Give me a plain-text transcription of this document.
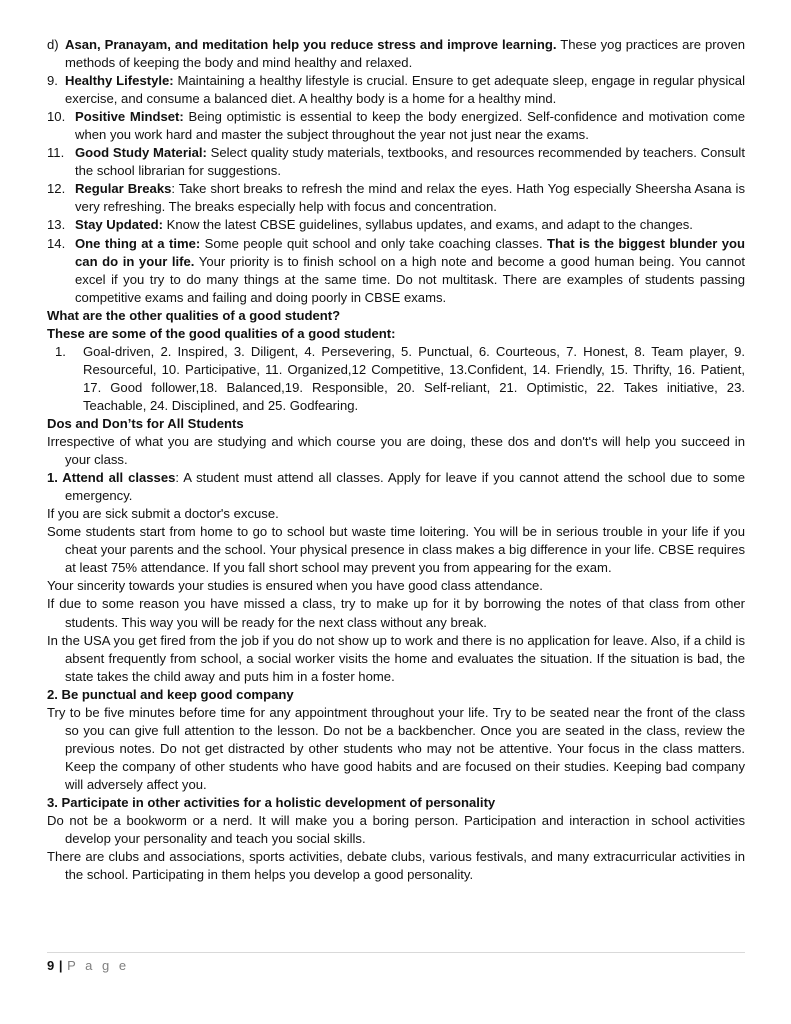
d) Asan, Pranayam, and meditation help you reduce stress and improve learning. These yog practices are proven methods of keeping the body and mind healthy and relaxed.
9. Healthy Lifestyle: Maintaining a healthy lifestyle is crucial. Ensure to get adequate sleep, engage in regular physical exercise, and consume a balanced diet. A healthy body is a home for a healthy mind.
10. Positive Mindset: Being optimistic is essential to keep the body energized. Self-confidence and motivation come when you work hard and master the subject throughout the year not just near the exams.
11. Good Study Material: Select quality study materials, textbooks, and resources recommended by teachers. Consult the school librarian for suggestions.
12. Regular Breaks: Take short breaks to refresh the mind and relax the eyes. Hath Yog especially Sheersha Asana is very refreshing. The breaks especially help with focus and concentration.
13. Stay Updated: Know the latest CBSE guidelines, syllabus updates, and exams, and adapt to the changes.
14. One thing at a time: Some people quit school and only take coaching classes. That is the biggest blunder you can do in your life. Your priority is to finish school on a high note and become a good human being. You cannot excel if you try to do many things at the same time. Do not multitask. There are examples of students passing competitive exams and failing and doing poorly in CBSE exams.
What are the other qualities of a good student?
These are some of the good qualities of a good student:
1.	Goal-driven, 2. Inspired, 3. Diligent, 4. Persevering, 5. Punctual, 6. Courteous, 7. Honest, 8. Team player, 9. Resourceful, 10. Participative, 11. Organized,12 Competitive, 13.Confident, 14. Friendly, 15. Thrifty, 16. Patient, 17. Good follower,18. Balanced,19. Responsible, 20. Self-reliant, 21. Optimistic, 22. Takes initiative, 23. Teachable, 24. Disciplined, and 25. Godfearing.
Dos and Don’ts for All Students
Irrespective of what you are studying and which course you are doing, these dos and don't's will help you succeed in your class.
1. Attend all classes: A student must attend all classes. Apply for leave if you cannot attend the school due to some emergency.
If you are sick submit a doctor's excuse.
Some students start from home to go to school but waste time loitering. You will be in serious trouble in your life if you cheat your parents and the school. Your physical presence in class makes a big difference in your life. CBSE requires at least 75% attendance. If you fall short school may prevent you from appearing for the exam.
Your sincerity towards your studies is ensured when you have good class attendance.
If due to some reason you have missed a class, try to make up for it by borrowing the notes of that class from other students. This way you will be ready for the next class without any break.
In the USA you get fired from the job if you do not show up to work and there is no application for leave. Also, if a child is absent frequently from school, a social worker visits the home and evaluates the situation. If the situation is bad, the state takes the child away and puts him in a foster home.
2. Be punctual and keep good company
Try to be five minutes before time for any appointment throughout your life. Try to be seated near the front of the class so you can give full attention to the lesson. Do not be a backbencher. Once you are seated in the class, review the previous notes. Do not get distracted by other students who may not be attentive. Your focus in the class matters. Keep the company of other students who have good habits and are focused on their studies. Keeping bad company will adversely affect you.
3. Participate in other activities for a holistic development of personality
Do not be a bookworm or a nerd. It will make you a boring person. Participation and interaction in school activities develop your personality and teach you social skills.
There are clubs and associations, sports activities, debate clubs, various festivals, and many extracurricular activities in the school. Participating in them helps you develop a good personality.
9 | P a g e
